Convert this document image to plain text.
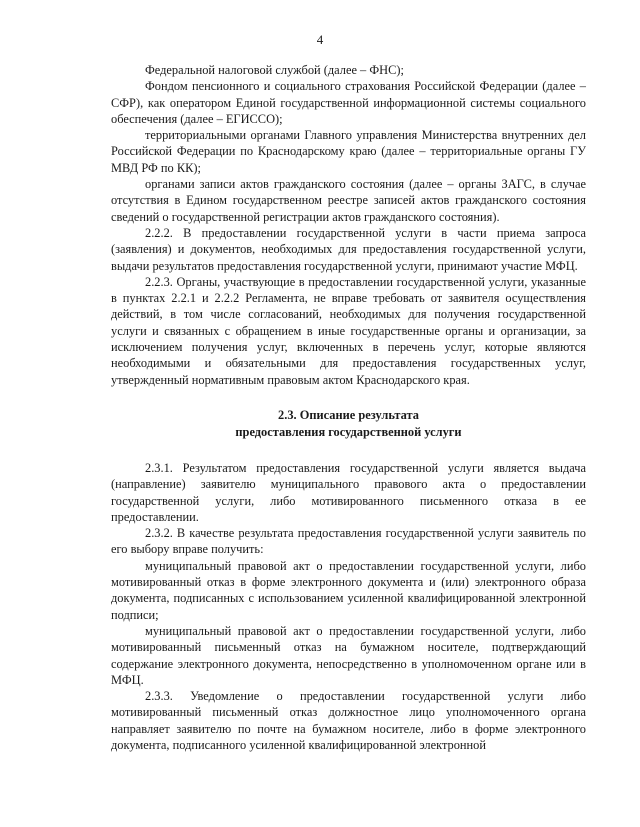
4

Федеральной налоговой службой (далее – ФНС);

Фондом пенсионного и социального страхования Российской Федерации (далее – СФР), как оператором Единой государственной информационной системы социального обеспечения (далее – ЕГИССО);

территориальными органами Главного управления Министерства внутренних дел Российской Федерации по Краснодарскому краю (далее – территориальные органы ГУ МВД РФ по КК);

органами записи актов гражданского состояния (далее – органы ЗАГС, в случае отсутствия в Едином государственном реестре записей актов гражданского состояния сведений о государственной регистрации актов гражданского состояния).

2.2.2. В предоставлении государственной услуги в части приема запроса (заявления) и документов, необходимых для предоставления государственной услуги, выдачи результатов предоставления государственной услуги, принимают участие МФЦ.

2.2.3. Органы, участвующие в предоставлении государственной услуги, указанные в пунктах 2.2.1 и 2.2.2 Регламента, не вправе требовать от заявителя осуществления действий, в том числе согласований, необходимых для получения государственной услуги и связанных с обращением в иные государственные органы и организации, за исключением получения услуг, включенных в перечень услуг, которые являются необходимыми и обязательными для предоставления государственных услуг, утвержденный нормативным правовым актом Краснодарского края.

2.3. Описание результата
предоставления государственной услуги

2.3.1. Результатом предоставления государственной услуги является выдача (направление) заявителю муниципального правового акта о предоставлении государственной услуги, либо мотивированного письменного отказа в ее предоставлении.

2.3.2. В качестве результата предоставления государственной услуги заявитель по его выбору вправе получить:

муниципальный правовой акт о предоставлении государственной услуги, либо мотивированный отказ в форме электронного документа и (или) электронного образа документа, подписанных с использованием усиленной квалифицированной электронной подписи;

муниципальный правовой акт о предоставлении государственной услуги, либо мотивированный письменный отказ на бумажном носителе, подтверждающий содержание электронного документа, непосредственно в уполномоченном органе или в МФЦ.

2.3.3. Уведомление о предоставлении государственной услуги либо мотивированный письменный отказ должностное лицо уполномоченного органа направляет заявителю по почте на бумажном носителе, либо в форме электронного документа, подписанного усиленной квалифицированной электронной
